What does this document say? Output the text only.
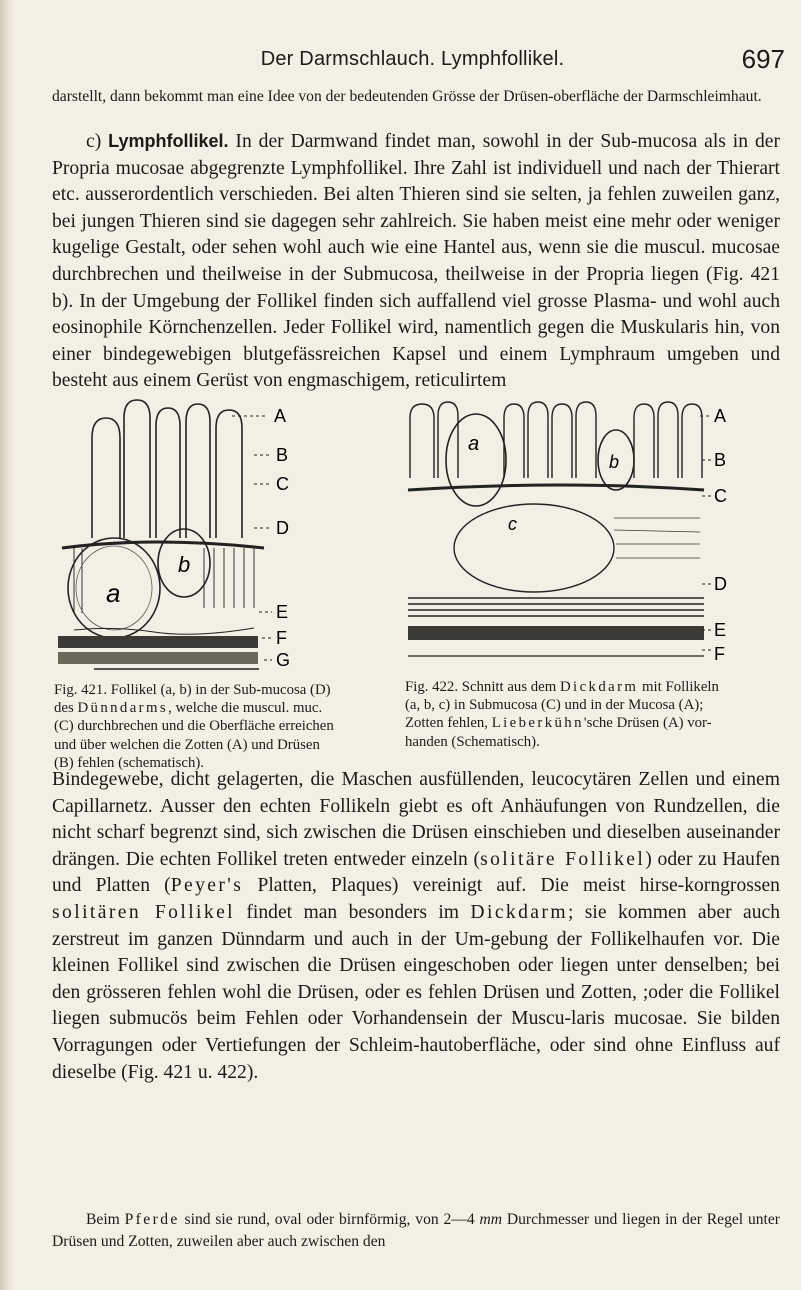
Der Darmschlauch. Lymphfollikel.	697

darstellt, dann bekommt man eine Idee von der bedeutenden Grösse der Drüsen-oberfläche der Darmschleimhaut.

c) Lymphfollikel. In der Darmwand findet man, sowohl in der Sub-mucosa als in der Propria mucosae abgegrenzte Lymphfollikel. Ihre Zahl ist individuell und nach der Thierart etc. ausserordentlich verschieden. Bei alten Thieren sind sie selten, ja fehlen zuweilen ganz, bei jungen Thieren sind sie dagegen sehr zahlreich. Sie haben meist eine mehr oder weniger kugelige Gestalt, oder sehen wohl auch wie eine Hantel aus, wenn sie die muscul. mucosae durchbrechen und theilweise in der Submucosa, theilweise in der Propria liegen (Fig. 421 b). In der Umgebung der Follikel finden sich auffallend viel grosse Plasma- und wohl auch eosinophile Körnchenzellen. Jeder Follikel wird, namentlich gegen die Muskularis hin, von einer bindegewebigen blutgefässreichen Kapsel und einem Lymphraum umgeben und besteht aus einem Gerüst von engmaschigem, reticulirtem

a
b
A
B
C
D
E
F
G
Fig. 421. Follikel (a, b) in der Sub-mucosa (D) des Dünndarms, welche die muscul. muc. (C) durchbrechen und die Oberfläche erreichen und über welchen die Zotten (A) und Drüsen (B) fehlen (schematisch).
a
b
c
A
B
C
D
E
F
Fig. 422. Schnitt aus dem Dickdarm mit Follikeln (a, b, c) in Submucosa (C) und in der Mucosa (A); Zotten fehlen, Lieberkühn'sche Drüsen (A) vor-handen (Schematisch).

Bindegewebe, dicht gelagerten, die Maschen ausfüllenden, leucocytären Zellen und einem Capillarnetz. Ausser den echten Follikeln giebt es oft Anhäufungen von Rundzellen, die nicht scharf begrenzt sind, sich zwischen die Drüsen einschieben und dieselben auseinander drängen. Die echten Follikel treten entweder einzeln (solitäre Follikel) oder zu Haufen und Platten (Peyer's Platten, Plaques) vereinigt auf. Die meist hirse-korngrossen solitären Follikel findet man besonders im Dickdarm; sie kommen aber auch zerstreut im ganzen Dünndarm und auch in der Um-gebung der Follikelhaufen vor. Die kleinen Follikel sind zwischen die Drüsen eingeschoben oder liegen unter denselben; bei den grösseren fehlen wohl die Drüsen, oder es fehlen Drüsen und Zotten, ;oder die Follikel liegen submucös beim Fehlen oder Vorhandensein der Muscu-laris mucosae. Sie bilden Vorragungen oder Vertiefungen der Schleim-hautoberfläche, oder sind ohne Einfluss auf dieselbe (Fig. 421 u. 422).

Beim Pferde sind sie rund, oval oder birnförmig, von 2—4 mm Durchmesser und liegen in der Regel unter Drüsen und Zotten, zuweilen aber auch zwischen den
